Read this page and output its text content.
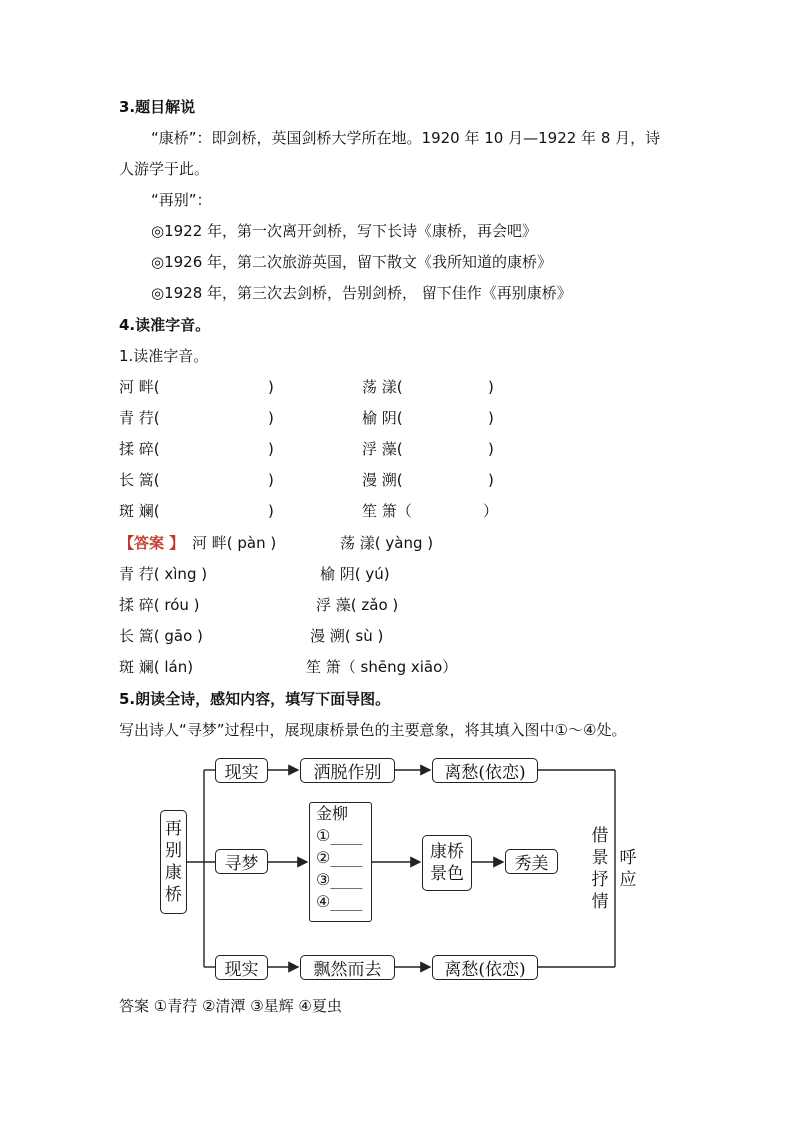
3.题目解说
“康桥”：即剑桥，英国剑桥大学所在地。1920 年 10 月—1922 年 8 月，诗
人游学于此。
“再别”：
◎1922 年，第一次离开剑桥，写下长诗《康桥，再会吧》
◎1926 年，第二次旅游英国，留下散文《我所知道的康桥》
◎1928 年，第三次去剑桥，告别剑桥， 留下佳作《再别康桥》
4.读准字音。
1.读准字音。
河 畔(	)	荡 漾(	)
青 荇(	)	榆 阴(	)
揉 碎(	)	浮 藻(	)
长 篙(	)	漫 溯(	)
斑 斓(	)	笙 箫（	）
【答案 】 河 畔( pàn )	荡 漾( yàng )
青 荇( xìng )	榆 阴( yú)
揉 碎( róu )	浮 藻( zǎo )
长 篙( gāo )	漫 溯( sù )
斑 斓( lán)	笙 箫（ shēng xiāo）
5.朗读全诗，感知内容，填写下面导图。
写出诗人“寻梦”过程中，展现康桥景色的主要意象，将其填入图中①～④处。
再
别
康
桥
现实	洒脱作别	离愁(依恋)
寻梦
金柳
①____
②____
③____
④____
康桥
景色	秀美
现实	飘然而去	离愁(依恋)
借
景
抒
情
呼
应
答案 ①青荇 ②清潭 ③星辉 ④夏虫
